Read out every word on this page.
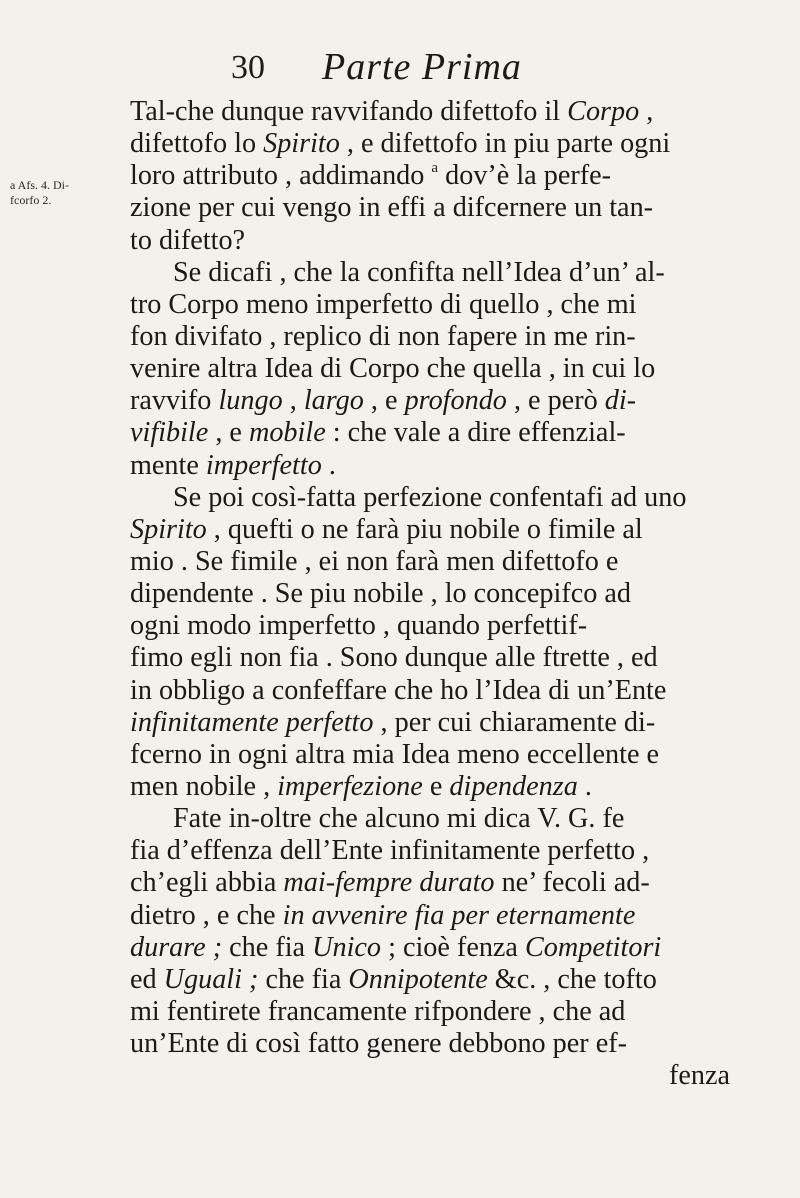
30 Parte Prima
a Afs. 4. Di-
fcorfo 2.
Tal-che dunque ravvifando difettofo il Corpo ,
difettofo lo Spirito , e difettofo in piu parte ogni
loro attributo , addimando $^a$ dov’è la perfe-
zione per cui vengo in effi a difcernere un tan-
to difetto?
Se dicafi , che la confifta nell’Idea d’un’ al-
tro Corpo meno imperfetto di quello , che mi
fon divifato , replico di non fapere in me rin-
venire altra Idea di Corpo che quella , in cui lo
ravvifo lungo , largo , e profondo , e però di-
vifibile , e mobile : che vale a dire effenzial-
mente imperfetto .
Se poi così-fatta perfezione confentafi ad uno
Spirito , quefti o ne farà piu nobile o fimile al
mio . Se fimile , ei non farà men difettofo e
dipendente . Se piu nobile , lo concepifco ad
ogni modo imperfetto , quando perfettif-
fimo egli non fia . Sono dunque alle ftrette , ed
in obbligo a confeffare che ho l’Idea di un’Ente
infinitamente perfetto , per cui chiaramente di-
fcerno in ogni altra mia Idea meno eccellente e
men nobile , imperfezione e dipendenza .
Fate in-oltre che alcuno mi dica V. G. fe
fia d’effenza dell’Ente infinitamente perfetto ,
ch’egli abbia mai-fempre durato ne’ fecoli ad-
dietro , e che in avvenire fia per eternamente
durare ; che fia Unico ; cioè fenza Competitori
ed Uguali ; che fia Onnipotente &c. , che tofto
mi fentirete francamente rifpondere , che ad
un’Ente di così fatto genere debbono per ef-
fenza
